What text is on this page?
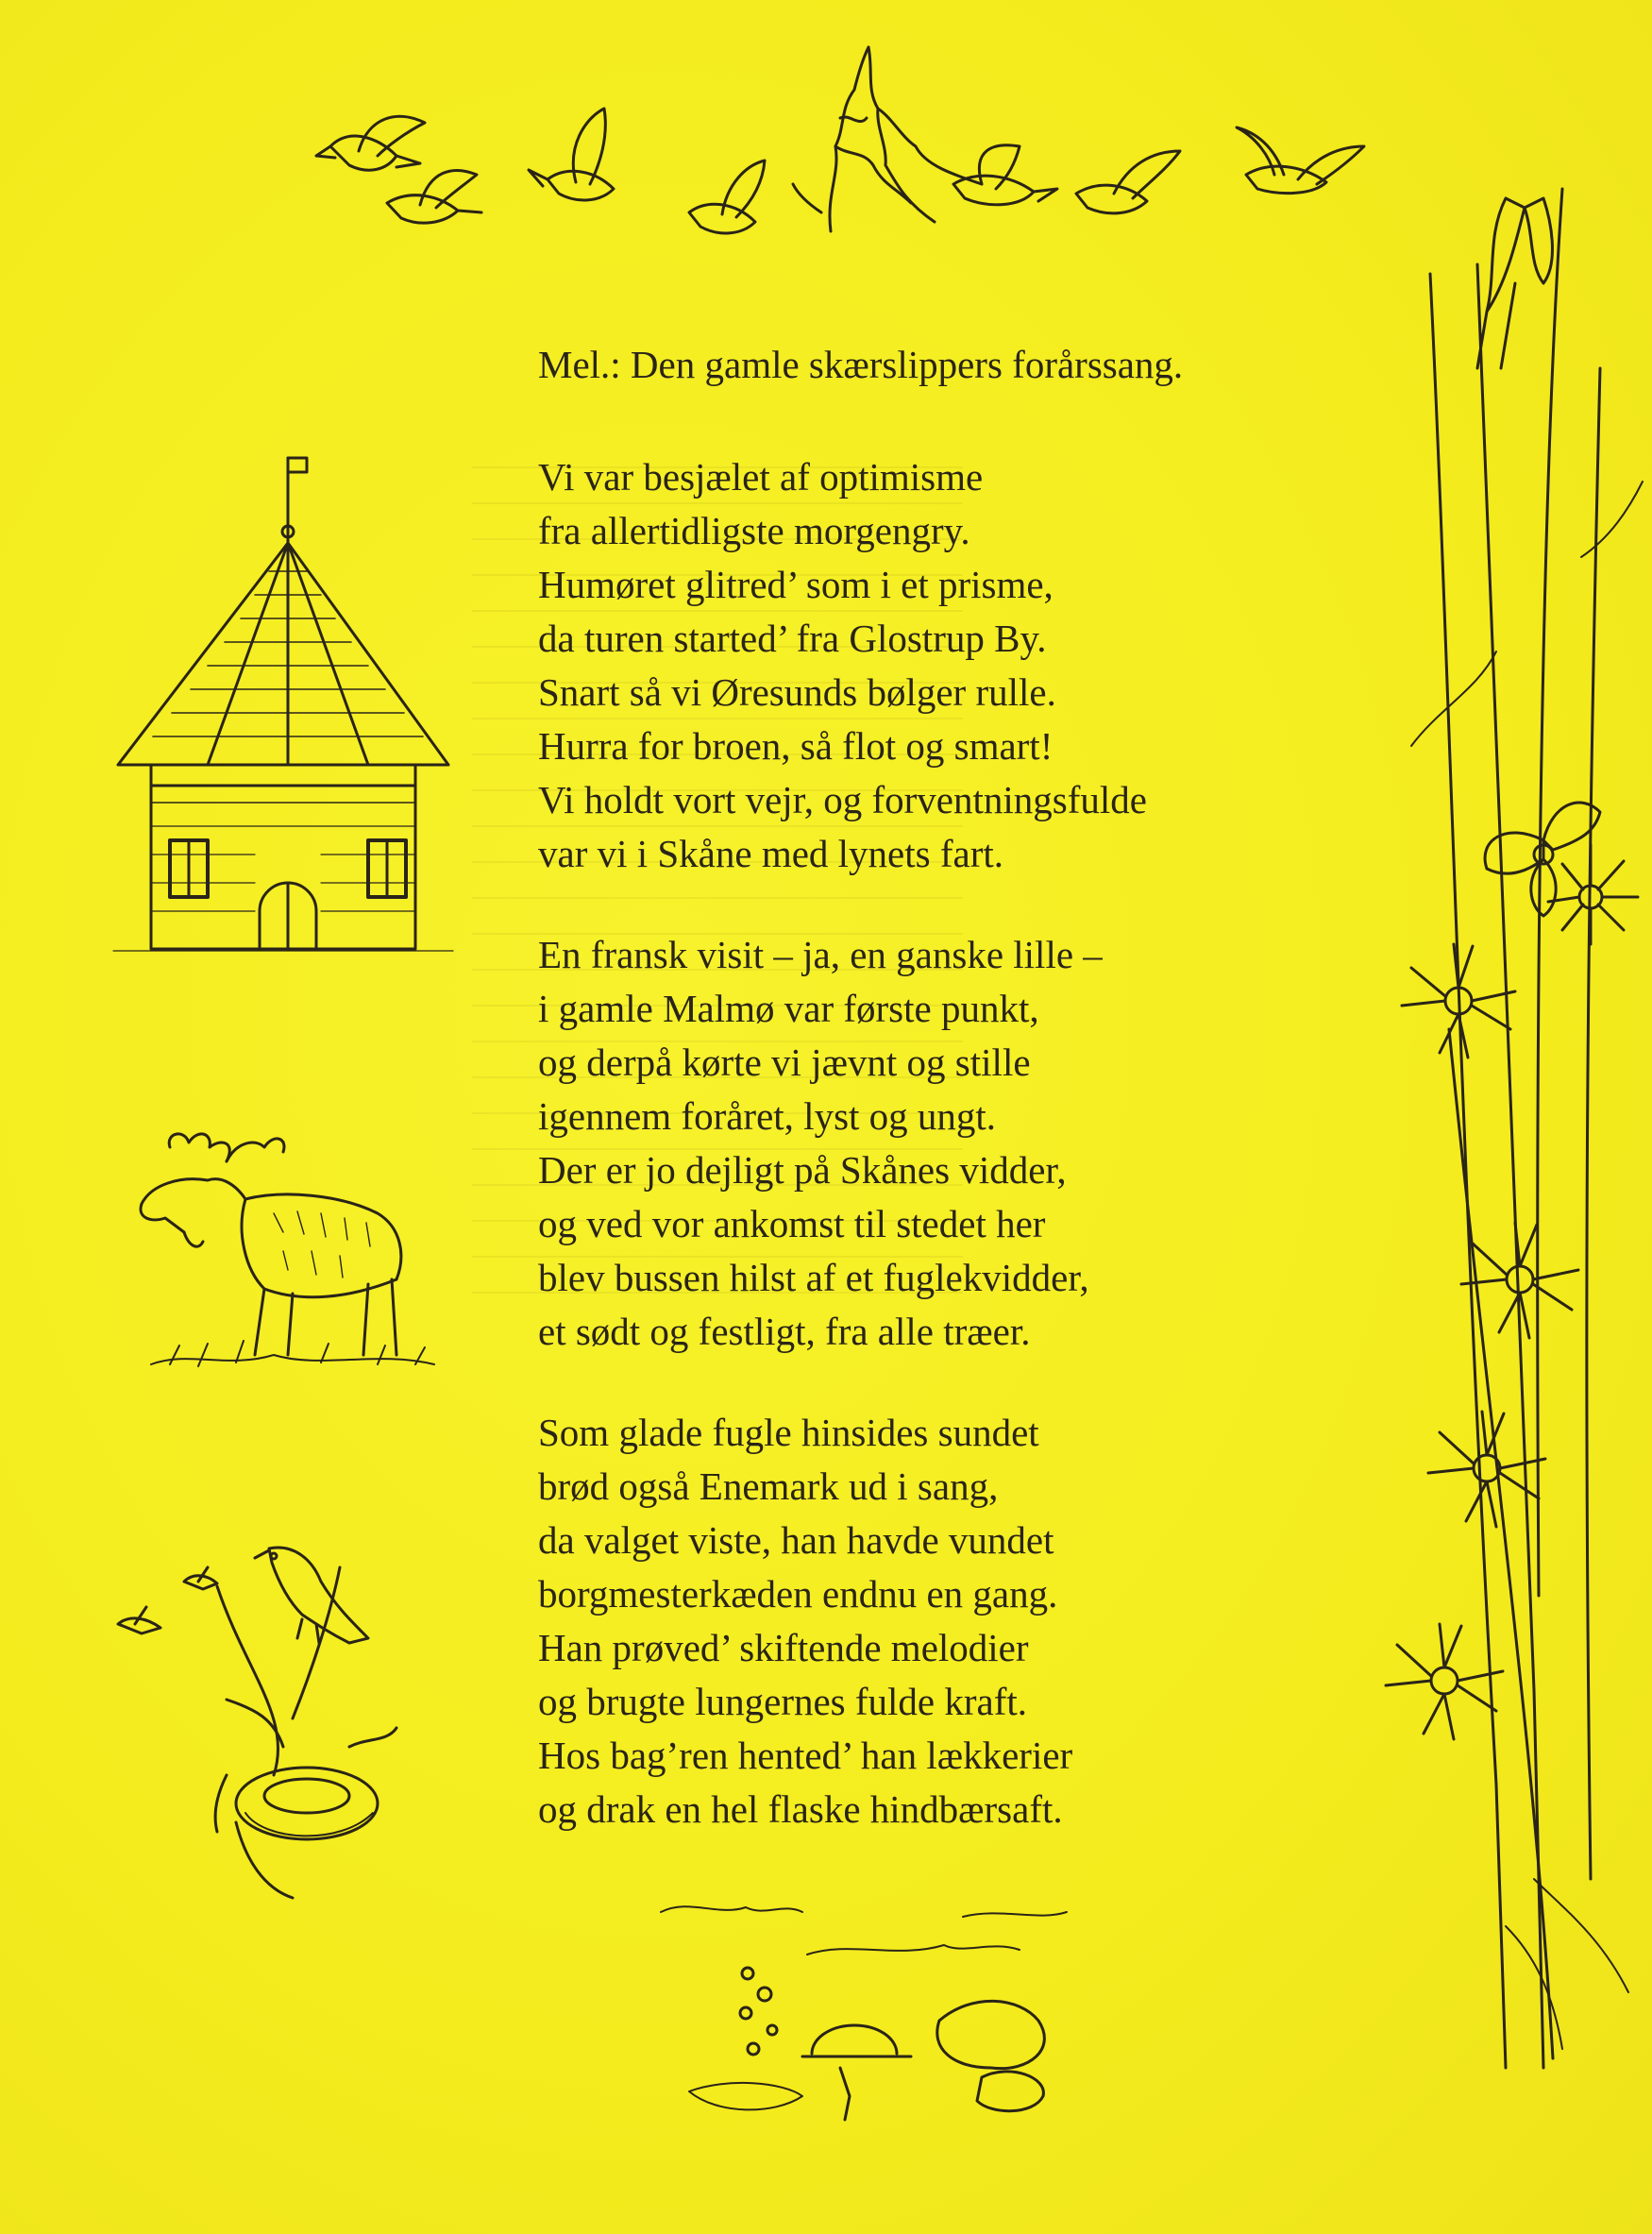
Mel.: Den gamle skærslippers forårssang.
Vi var besjælet af optimisme
fra allertidligste morgengry.
Humøret glitred’ som i et prisme,
da turen started’ fra Glostrup By.
Snart så vi Øresunds bølger rulle.
Hurra for broen, så flot og smart!
Vi holdt vort vejr, og forventningsfulde
var vi i Skåne med lynets fart.
En fransk visit – ja, en ganske lille –
i gamle Malmø var første punkt,
og derpå kørte vi jævnt og stille
igennem foråret, lyst og ungt.
Der er jo dejligt på Skånes vidder,
og ved vor ankomst til stedet her
blev bussen hilst af et fuglekvidder,
et sødt og festligt, fra alle træer.
Som glade fugle hinsides sundet
brød også Enemark ud i sang,
da valget viste, han havde vundet
borgmesterkæden endnu en gang.
Han prøved’ skiftende melodier
og brugte lungernes fulde kraft.
Hos bag’ren hented’ han lækkerier
og drak en hel flaske hindbærsaft.
